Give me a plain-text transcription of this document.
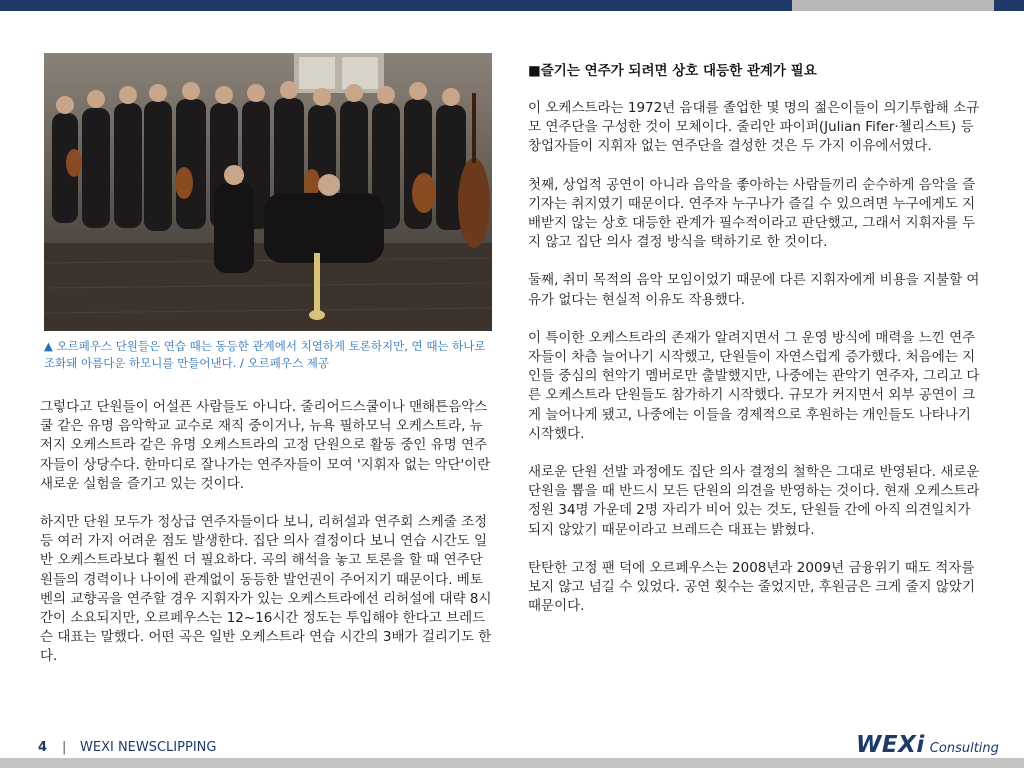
▲ 오르페우스 단원들은 연습 때는 동등한 관계에서 치열하게 토론하지만, 연 때는 하나로 조화돼 아름다운 하모니를 만들어낸다. / 오르페우스 제공

그렇다고 단원들이 어설픈 사람들도 아니다. 줄리어드스쿨이나 맨해튼음악스쿨 같은 유명 음악학교 교수로 재직 중이거나, 뉴욕 필하모닉 오케스트라, 뉴저지 오케스트라 같은 유명 오케스트라의 고정 단원으로 활동 중인 유명 연주자들이 상당수다. 한마디로 잘나가는 연주자들이 모여 '지휘자 없는 악단'이란 새로운 실험을 즐기고 있는 것이다.

하지만 단원 모두가 정상급 연주자들이다 보니, 리허설과 연주회 스케줄 조정 등 여러 가지 어려운 점도 발생한다. 집단 의사 결정이다 보니 연습 시간도 일반 오케스트라보다 훨씬 더 필요하다. 곡의 해석을 놓고 토론을 할 때 연주단원들의 경력이나 나이에 관계없이 동등한 발언권이 주어지기 때문이다. 베토벤의 교향곡을 연주할 경우 지휘자가 있는 오케스트라에선 리허설에 대략 8시간이 소요되지만, 오르페우스는 12~16시간 정도는 투입해야 한다고 브레드슨 대표는 말했다. 어떤 곡은 일반 오케스트라 연습 시간의 3배가 걸리기도 한다.

■즐기는 연주가 되려면 상호 대등한 관계가 필요

이 오케스트라는 1972년 음대를 졸업한 몇 명의 젊은이들이 의기투합해 소규모 연주단을 구성한 것이 모체이다. 줄리안 파이퍼(Julian Fifer·첼리스트) 등 창업자들이 지휘자 없는 연주단을 결성한 것은 두 가지 이유에서였다.

첫째, 상업적 공연이 아니라 음악을 좋아하는 사람들끼리 순수하게 음악을 즐기자는 취지였기 때문이다. 연주자 누구나가 즐길 수 있으려면 누구에게도 지배받지 않는 상호 대등한 관계가 필수적이라고 판단했고, 그래서 지휘자를 두지 않고 집단 의사 결정 방식을 택하기로 한 것이다.

둘째, 취미 목적의 음악 모임이었기 때문에 다른 지휘자에게 비용을 지불할 여유가 없다는 현실적 이유도 작용했다.

이 특이한 오케스트라의 존재가 알려지면서 그 운영 방식에 매력을 느낀 연주자들이 차츰 늘어나기 시작했고, 단원들이 자연스럽게 증가했다. 처음에는 지인들 중심의 현악기 멤버로만 출발했지만, 나중에는 관악기 연주자, 그리고 다른 오케스트라 단원들도 참가하기 시작했다. 규모가 커지면서 외부 공연이 크게 늘어나게 됐고, 나중에는 이들을 경제적으로 후원하는 개인들도 나타나기 시작했다.

새로운 단원 선발 과정에도 집단 의사 결정의 철학은 그대로 반영된다. 새로운 단원을 뽑을 때 반드시 모든 단원의 의견을 반영하는 것이다. 현재 오케스트라 정원 34명 가운데 2명 자리가 비어 있는 것도, 단원들 간에 아직 의견일치가 되지 않았기 때문이라고 브레드슨 대표는 밝혔다.

탄탄한 고정 팬 덕에 오르페우스는 2008년과 2009년 금융위기 때도 적자를 보지 않고 넘길 수 있었다. 공연 횟수는 줄었지만, 후원금은 크게 줄지 않았기 때문이다.

4 | WEXI NEWSCLIPPING	WEXi Consulting
